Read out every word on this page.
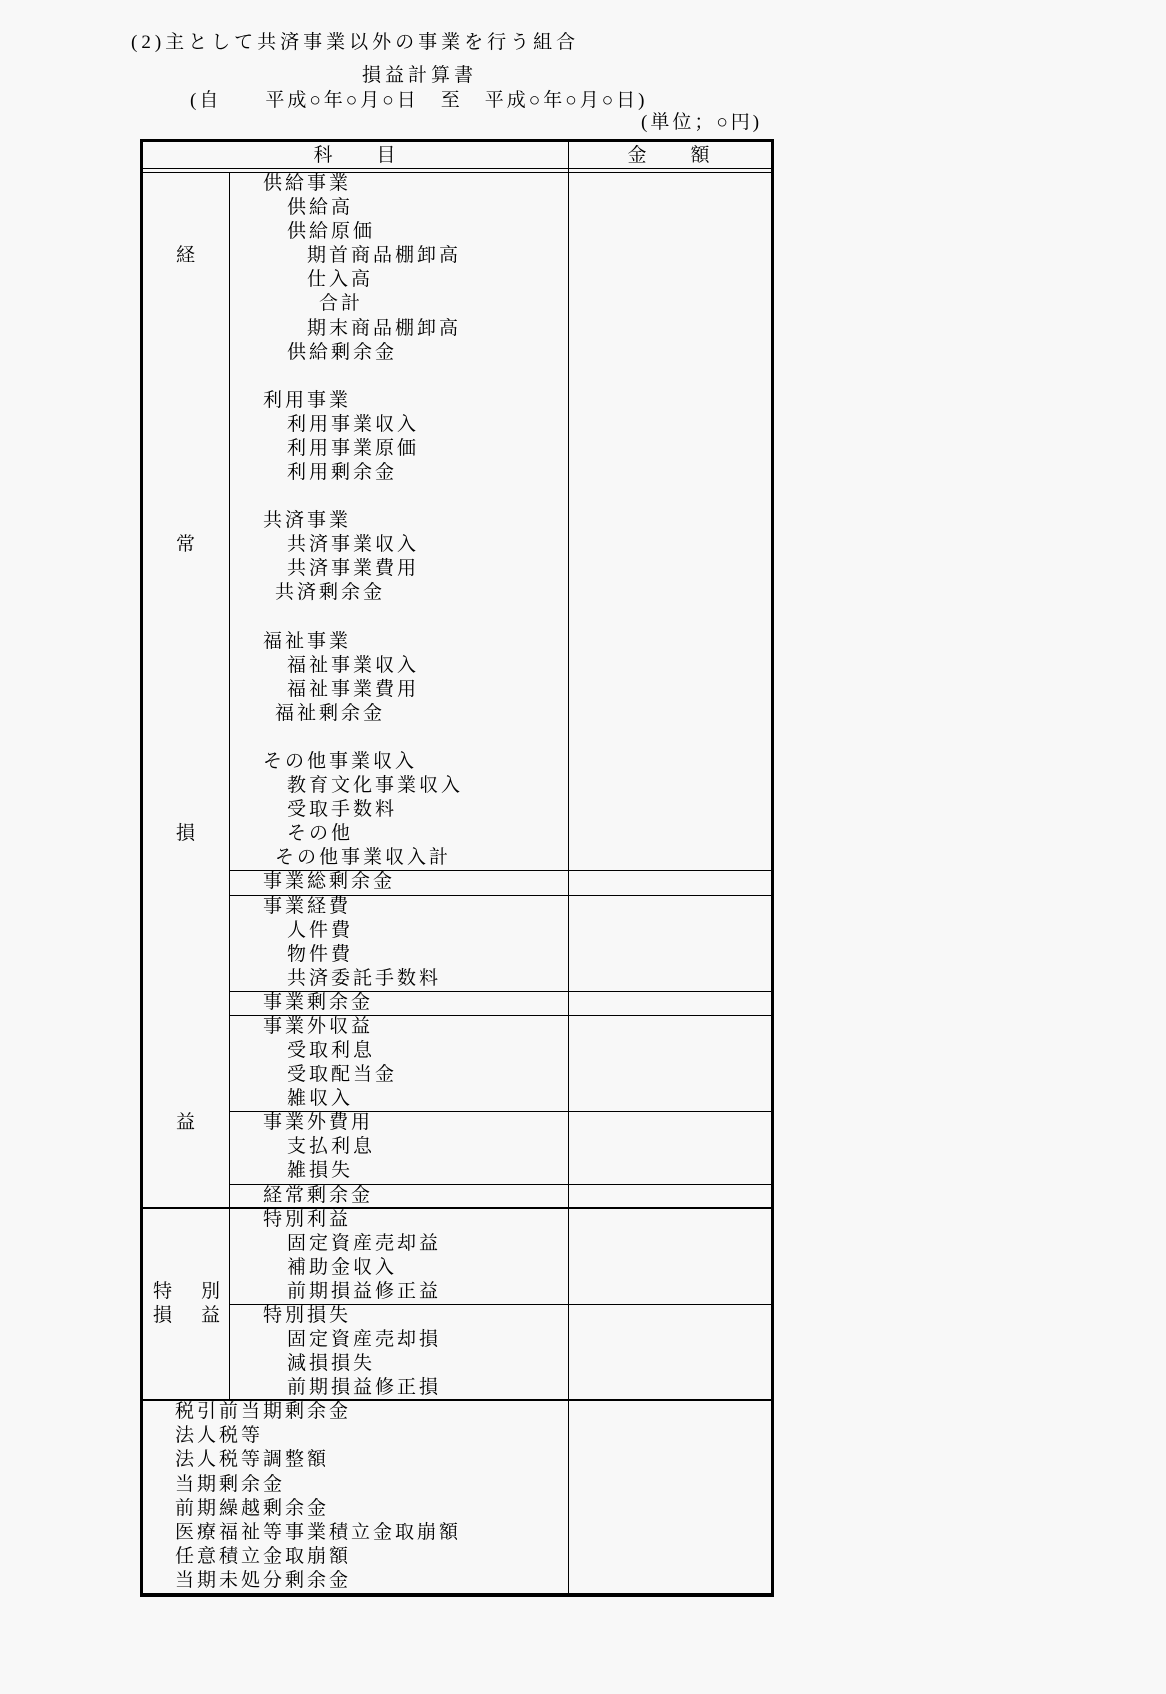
(2)主として共済事業以外の事業を行う組合
損益計算書
(自　　平成○年○月○日　至　平成○年○月○日)
(単位；○円)
科　　目	金　　額
供給事業
供給高
供給原価
期首商品棚卸高
仕入高
合計
期末商品棚卸高
供給剰余金
利用事業
利用事業収入
利用事業原価
利用剰余金
共済事業
共済事業収入
共済事業費用
共済剰余金
福祉事業
福祉事業収入
福祉事業費用
福祉剰余金
その他事業収入
教育文化事業収入
受取手数料
その他
その他事業収入計
事業総剰余金
事業経費
人件費
物件費
共済委託手数料
事業剰余金
事業外収益
受取利息
受取配当金
雑収入
事業外費用
支払利息
雑損失
経常剰余金
特別利益
固定資産売却益
補助金収入
前期損益修正益
特別損失
固定資産売却損
減損損失
前期損益修正損
税引前当期剰余金
法人税等
法人税等調整額
当期剰余金
前期繰越剰余金
医療福祉等事業積立金取崩額
任意積立金取崩額
当期未処分剰余金
経
常
損
益
特　別
損　益
